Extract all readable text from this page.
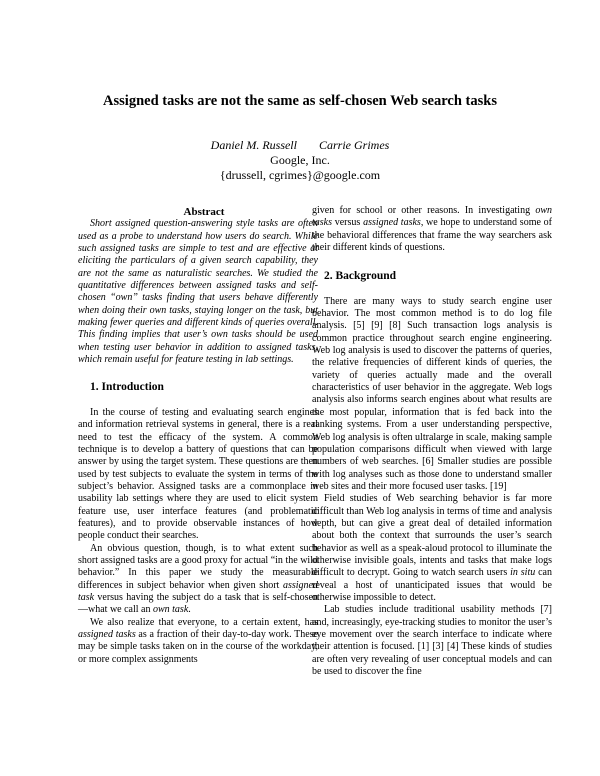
Assigned tasks are not the same as self-chosen Web search tasks
Daniel M. Russell Carrie Grimes
Google, Inc.
{drussell, cgrimes}@google.com

Abstract

Short assigned question-answering style tasks are often used as a probe to understand how users do search. While such assigned tasks are simple to test and are effective at eliciting the particulars of a given search capability, they are not the same as naturalistic searches. We studied the quantitative differences between assigned tasks and self-chosen “own” tasks finding that users behave differently when doing their own tasks, staying longer on the task, but making fewer queries and different kinds of queries overall. This finding implies that user’s own tasks should be used when testing user behavior in addition to assigned tasks, which remain useful for feature testing in lab settings.

1. Introduction

In the course of testing and evaluating search engines and information retrieval systems in general, there is a real need to test the efficacy of the system. A common technique is to develop a battery of questions that can be answer by using the target system. These questions are then used by test subjects to evaluate the system in terms of the subject’s behavior. Assigned tasks are a commonplace in usability lab settings where they are used to elicit system feature use, user interface features (and problematic features), and to provide observable instances of how people conduct their searches.

An obvious question, though, is to what extent such short assigned tasks are a good proxy for actual “in the wild behavior.” In this paper we study the measurable differences in subject behavior when given short assigned task versus having the subject do a task that is self-chosen—what we call an own task.

We also realize that everyone, to a certain extent, has assigned tasks as a fraction of their day-to-day work. These may be simple tasks taken on in the course of the workday, or more complex assignments

given for school or other reasons. In investigating own tasks versus assigned tasks, we hope to understand some of the behavioral differences that frame the way searchers ask their different kinds of questions.

2. Background

There are many ways to study search engine user behavior. The most common method is to do log file analysis. [5] [9] [8] Such transaction logs analysis is common practice throughout search engine engineering. Web log analysis is used to discover the patterns of queries, the relative frequencies of different kinds of queries, the variety of queries actually made and the overall characteristics of user behavior in the aggregate. Web logs analysis also informs search engines about what results are the most popular, information that is fed back into the ranking systems. From a user understanding perspective, Web log analysis is often ultralarge in scale, making sample population comparisons difficult when viewed with large numbers of web searches. [6] Smaller studies are possible with log analyses such as those done to understand smaller web sites and their more focused user tasks. [19]

Field studies of Web searching behavior is far more difficult than Web log analysis in terms of time and analysis depth, but can give a great deal of detailed information about both the context that surrounds the user’s search behavior as well as a speak-aloud protocol to illuminate the otherwise invisible goals, intents and tasks that make logs difficult to decrypt. Going to watch search users in situ can reveal a host of unanticipated issues that would be otherwise impossible to detect.

Lab studies include traditional usability methods [7] and, increasingly, eye-tracking studies to monitor the user’s eye movement over the search interface to indicate where their attention is focused. [1] [3] [4] These kinds of studies are often very revealing of user conceptual models and can be used to discover the fine
